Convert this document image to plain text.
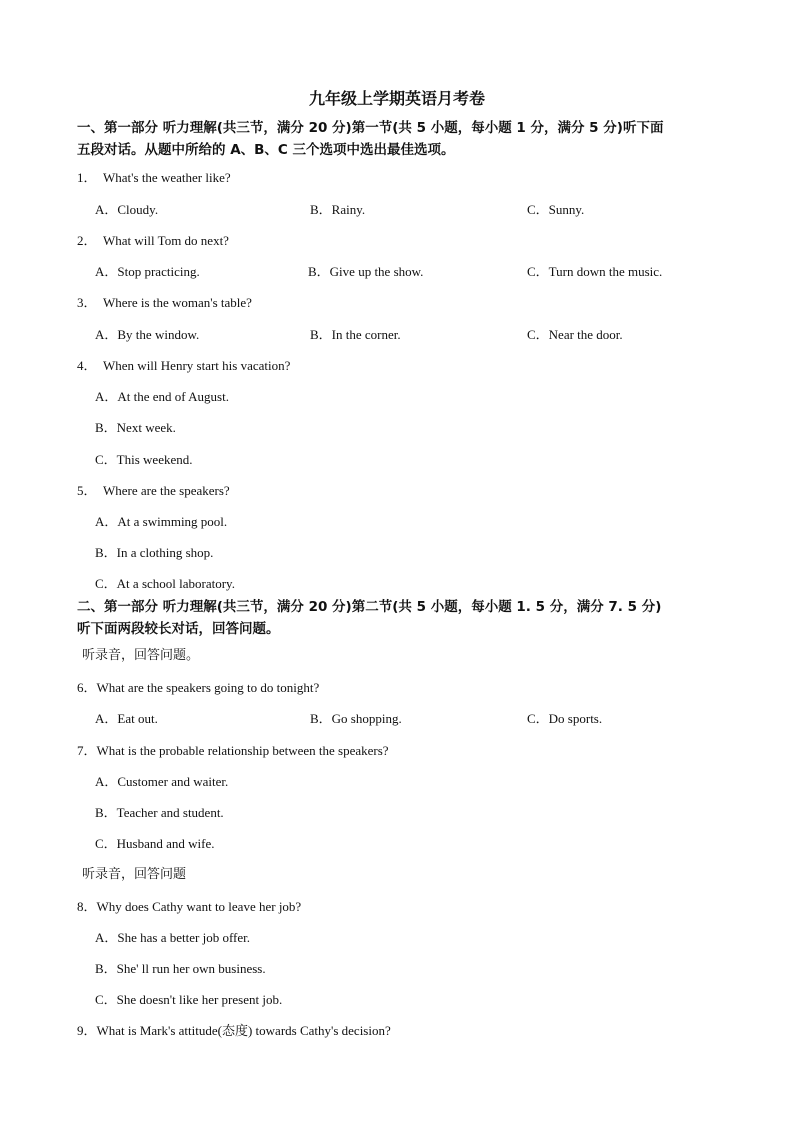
九年级上学期英语月考卷
一、第一部分 听力理解(共三节，满分 20 分)第一节(共 5 小题，每小题 1 分，满分 5 分)听下面
五段对话。从题中所给的 A、B、C 三个选项中选出最佳选项。
1． What's the weather like?
A．Cloudy.	B．Rainy.	C．Sunny.
2． What will Tom do next?
A．Stop practicing.	B．Give up the show.	C．Turn down the music.
3． Where is the woman's table?
A．By the window.	B．In the corner.	C．Near the door.
4． When will Henry start his vacation?
A．At the end of August.
B．Next week.
C．This weekend.
5． Where are the speakers?
A．At a swimming pool.
B．In a clothing shop.
C．At a school laboratory.
二、第一部分 听力理解(共三节，满分 20 分)第二节(共 5 小题，每小题 1. 5 分，满分 7. 5 分)
听下面两段较长对话，回答问题。
听录音，回答问题。
6．What are the speakers going to do tonight?
A．Eat out.	B．Go shopping.	C．Do sports.
7．What is the probable relationship between the speakers?
A．Customer and waiter.
B．Teacher and student.
C．Husband and wife.
听录音，回答问题
8．Why does Cathy want to leave her job?
A．She has a better job offer.
B．She' ll run her own business.
C．She doesn't like her present job.
9．What is Mark's attitude(态度) towards Cathy's decision?
